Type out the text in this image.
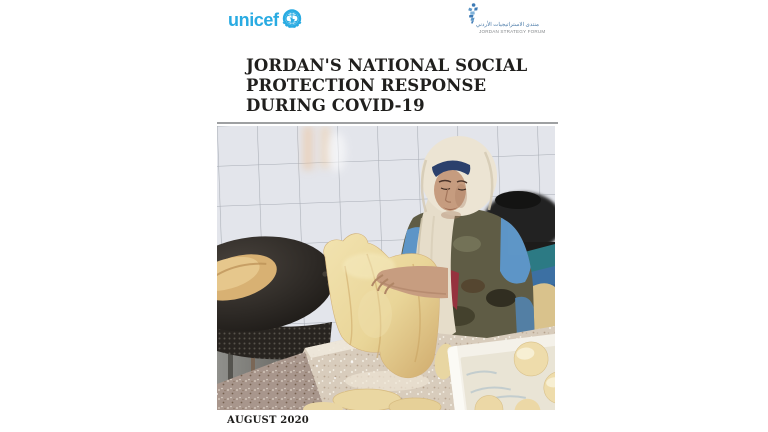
unicef	منتدى الاستراتيجيات الأردني
JORDAN STRATEGY FORUM
JORDAN'S NATIONAL SOCIAL
PROTECTION RESPONSE
DURING COVID-19
AUGUST 2020
